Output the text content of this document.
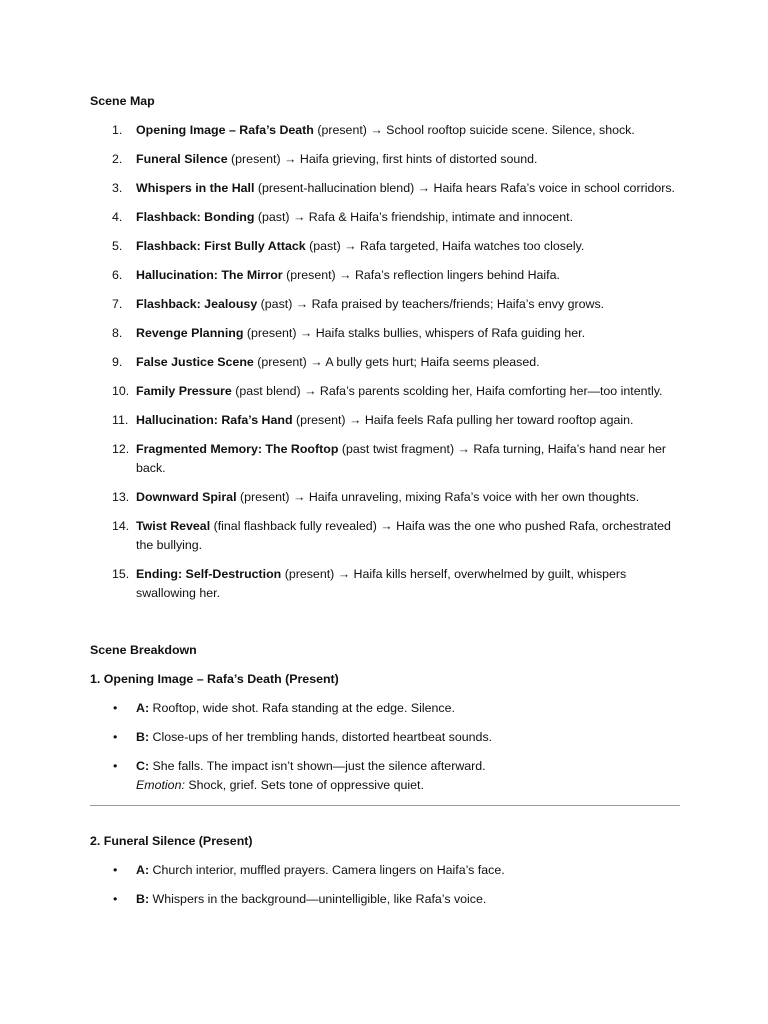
Scene Map

1. Opening Image – Rafa’s Death (present) → School rooftop suicide scene. Silence, shock.
2. Funeral Silence (present) → Haifa grieving, first hints of distorted sound.
3. Whispers in the Hall (present-hallucination blend) → Haifa hears Rafa’s voice in school corridors.
4. Flashback: Bonding (past) → Rafa & Haifa’s friendship, intimate and innocent.
5. Flashback: First Bully Attack (past) → Rafa targeted, Haifa watches too closely.
6. Hallucination: The Mirror (present) → Rafa’s reflection lingers behind Haifa.
7. Flashback: Jealousy (past) → Rafa praised by teachers/friends; Haifa’s envy grows.
8. Revenge Planning (present) → Haifa stalks bullies, whispers of Rafa guiding her.
9. False Justice Scene (present) → A bully gets hurt; Haifa seems pleased.
10. Family Pressure (past blend) → Rafa’s parents scolding her, Haifa comforting her—too intently.
11. Hallucination: Rafa’s Hand (present) → Haifa feels Rafa pulling her toward rooftop again.
12. Fragmented Memory: The Rooftop (past twist fragment) → Rafa turning, Haifa’s hand near her back.
13. Downward Spiral (present) → Haifa unraveling, mixing Rafa’s voice with her own thoughts.
14. Twist Reveal (final flashback fully revealed) → Haifa was the one who pushed Rafa, orchestrated the bullying.
15. Ending: Self-Destruction (present) → Haifa kills herself, overwhelmed by guilt, whispers swallowing her.

Scene Breakdown

1. Opening Image – Rafa’s Death (Present)
• A: Rooftop, wide shot. Rafa standing at the edge. Silence.
• B: Close-ups of her trembling hands, distorted heartbeat sounds.
• C: She falls. The impact isn’t shown—just the silence afterward.
Emotion: Shock, grief. Sets tone of oppressive quiet.
2. Funeral Silence (Present)
• A: Church interior, muffled prayers. Camera lingers on Haifa’s face.
• B: Whispers in the background—unintelligible, like Rafa’s voice.
